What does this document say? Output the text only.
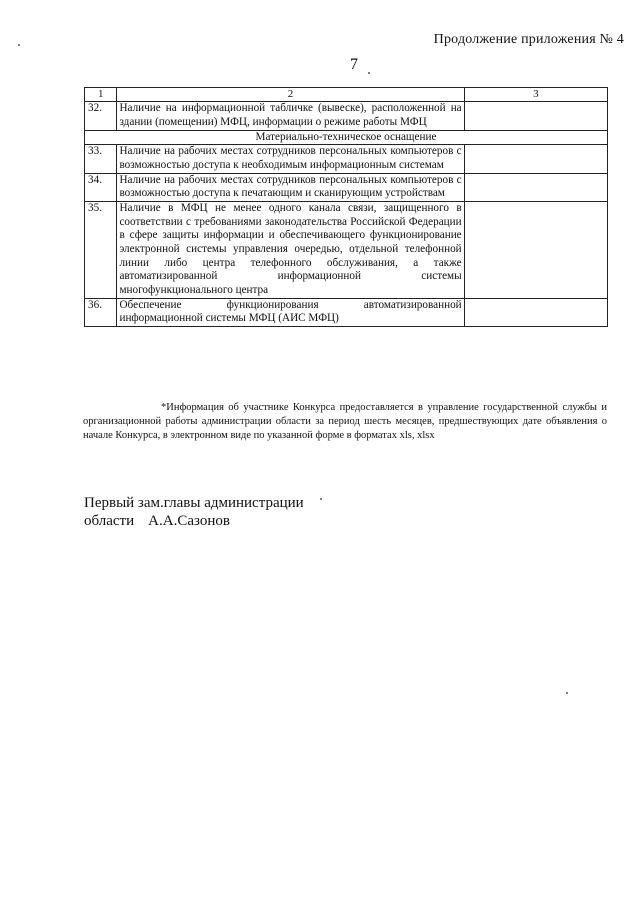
Продолжение приложения № 4
7
1	2	3

32.	Наличие на информационной табличке (вывеске), расположенной на здании (помещении) МФЦ, информации о режиме работы МФЦ	
Материально-техническое оснащение		

33.	Наличие на рабочих местах сотрудников персональных компьютеров с возможностью доступа к необходимым информационным системам	

34.	Наличие на рабочих местах сотрудников персональных компьютеров с возможностью доступа к печатающим и сканирующим устройствам	

35.	Наличие в МФЦ не менее одного канала связи, защищенного в соответствии с требованиями законодательства Российской Федерации в сфере защиты информации и обеспечивающего функционирование электронной системы управления очередью, отдельной телефонной линии либо центра телефонного обслуживания, а также автоматизированной информационной системы многофункционального центра	

36.	Обеспечение функционирования автоматизированной информационной системы МФЦ (АИС МФЦ)	
*Информация об участнике Конкурса предоставляется в управление государственной службы и организационной работы администрации области за период шесть месяцев, предшествующих дате объявления о начале Конкурса, в электронном виде по указанной форме в форматах xls, xlsx
Первый зам.главы администрации
области А.А.Сазонов
